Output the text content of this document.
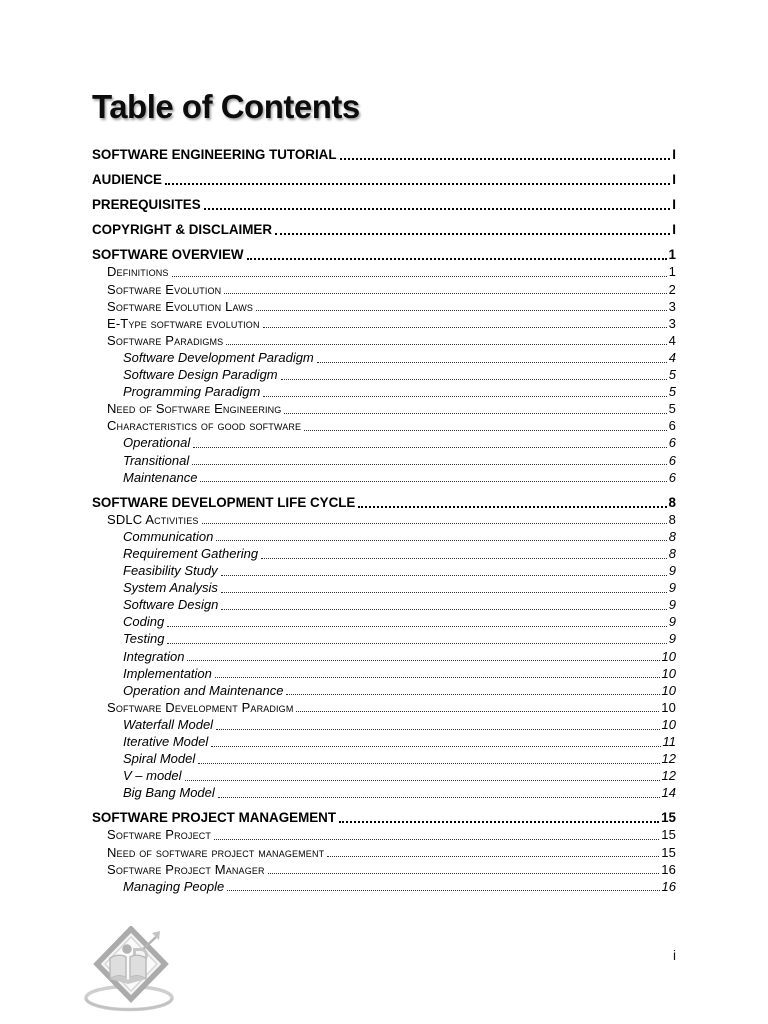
Table of Contents
SOFTWARE ENGINEERING TUTORIAL	I
AUDIENCE	I
PREREQUISITES	I
COPYRIGHT & DISCLAIMER	I
SOFTWARE OVERVIEW	1
Definitions	1
Software Evolution	2
Software Evolution Laws	3
E-Type software evolution	3
Software Paradigms	4
Software Development Paradigm	4
Software Design Paradigm	5
Programming Paradigm	5
Need of Software Engineering	5
Characteristics of good software	6
Operational	6
Transitional	6
Maintenance	6
SOFTWARE DEVELOPMENT LIFE CYCLE	8
SDLC Activities	8
Communication	8
Requirement Gathering	8
Feasibility Study	9
System Analysis	9
Software Design	9
Coding	9
Testing	9
Integration	10
Implementation	10
Operation and Maintenance	10
Software Development Paradigm	10
Waterfall Model	10
Iterative Model	11
Spiral Model	12
V – model	12
Big Bang Model	14
SOFTWARE PROJECT MANAGEMENT	15
Software Project	15
Need of software project management	15
Software Project Manager	16
Managing People	16
i
